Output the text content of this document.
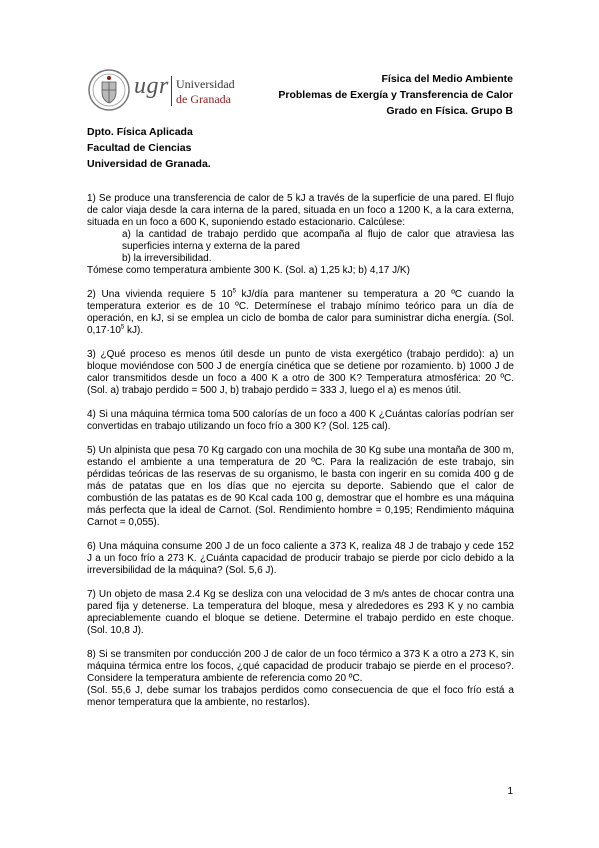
ugr Universidad
de Granada
Física del Medio Ambiente
Problemas de Exergía y Transferencia de Calor
Grado en Física. Grupo B
Dpto. Física Aplicada
Facultad de Ciencias
Universidad de Granada.
1) Se produce una transferencia de calor de 5 kJ a través de la superficie de una pared. El flujo de calor viaja desde la cara interna de la pared, situada en un foco a 1200 K, a la cara externa, situada en un foco a 600 K, suponiendo estado estacionario. Calcúlese:
a) la cantidad de trabajo perdido que acompaña al flujo de calor que atraviesa las superficies interna y externa de la pared
b) la irreversibilidad.
Tómese como temperatura ambiente 300 K. (Sol. a) 1,25 kJ; b) 4,17 J/K)
2) Una vivienda requiere 5 $10^5$ kJ/día para mantener su temperatura a 20 ºC cuando la temperatura exterior es de 10 ºC. Determínese el trabajo mínimo teórico para un día de operación, en kJ, si se emplea un ciclo de bomba de calor para suministrar dicha energía. (Sol. $0,17\cdot 10^5$ kJ).
3) ¿Qué proceso es menos útil desde un punto de vista exergético (trabajo perdido): a) un bloque moviéndose con 500 J de energía cinética que se detiene por rozamiento. b) 1000 J de calor transmitidos desde un foco a 400 K a otro de 300 K? Temperatura atmosférica: 20 ºC. (Sol. a) trabajo perdido = 500 J, b) trabajo perdido = 333 J, luego el a) es menos útil.
4) Si una máquina térmica toma 500 calorías de un foco a 400 K ¿Cuántas calorías podrían ser convertidas en trabajo utilizando un foco frío a 300 K? (Sol. 125 cal).
5) Un alpinista que pesa 70 Kg cargado con una mochila de 30 Kg sube una montaña de 300 m, estando el ambiente a una temperatura de 20 ºC. Para la realización de este trabajo, sin pérdidas teóricas de las reservas de su organismo, le basta con ingerir en su comida 400 g de más de patatas que en los días que no ejercita su deporte. Sabiendo que el calor de combustión de las patatas es de 90 Kcal cada 100 g, demostrar que el hombre es una máquina más perfecta que la ideal de Carnot. (Sol. Rendimiento hombre = 0,195; Rendimiento máquina Carnot = 0,055).
6) Una máquina consume 200 J de un foco caliente a 373 K, realiza 48 J de trabajo y cede 152 J a un foco frío a 273 K. ¿Cuánta capacidad de producir trabajo se pierde por ciclo debido a la irreversibilidad de la máquina? (Sol. 5,6 J).
7) Un objeto de masa 2.4 Kg se desliza con una velocidad de 3 m/s antes de chocar contra una pared fija y detenerse. La temperatura del bloque, mesa y alrededores es 293 K y no cambia apreciablemente cuando el bloque se detiene. Determine el trabajo perdido en este choque. (Sol. 10,8 J).
8) Si se transmiten por conducción 200 J de calor de un foco térmico a 373 K a otro a 273 K, sin máquina térmica entre los focos, ¿qué capacidad de producir trabajo se pierde en el proceso?. Considere la temperatura ambiente de referencia como 20 ºC.
(Sol. 55,6 J, debe sumar los trabajos perdidos como consecuencia de que el foco frío está a menor temperatura que la ambiente, no restarlos).
1
